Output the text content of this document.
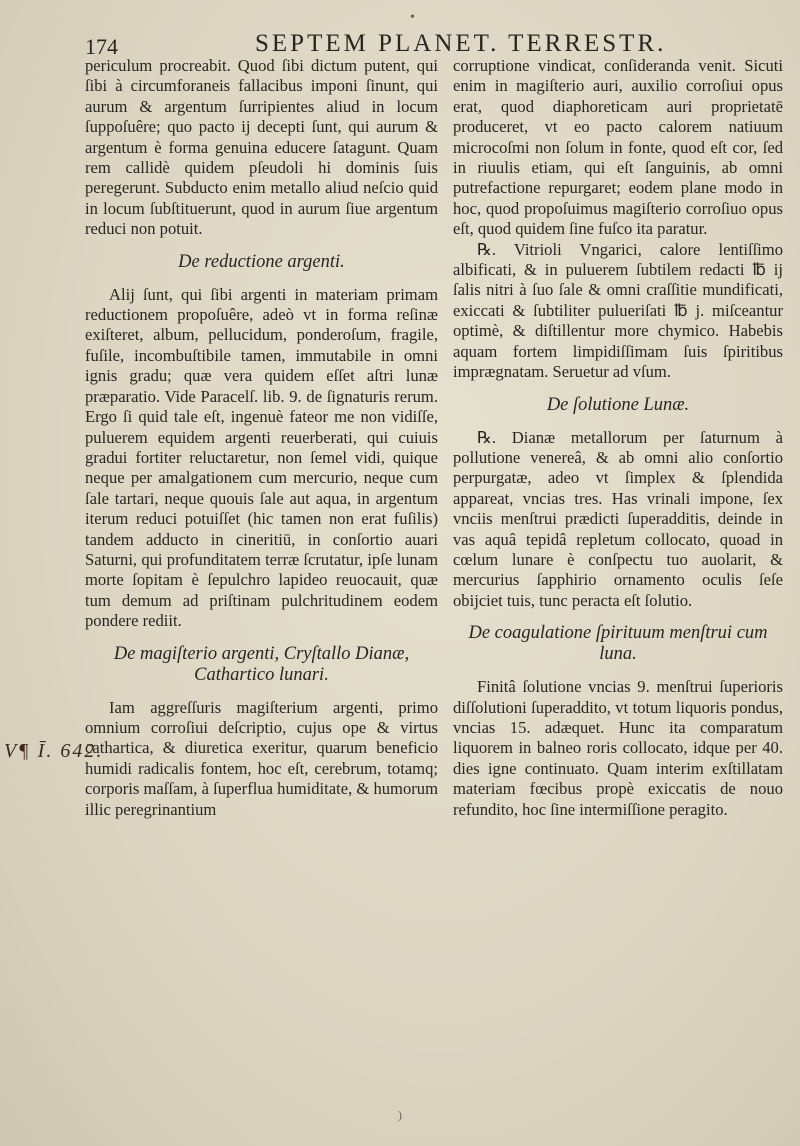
•
174	SEPTEM PLANET. TERRESTR.
V¶ Ī. 642.

periculum procreabit. Quod ſibi dictum putent, qui ſibi à circumforaneis fallacibus imponi ſinunt, qui aurum & argentum ſurripientes aliud in locum ſuppoſuêre; quo pacto ij decepti ſunt, qui aurum & argentum è forma genuina educere ſatagunt. Quam rem callidè quidem pſeudoli hi dominis ſuis peregerunt. Subducto enim metallo aliud neſcio quid in locum ſubſtituerunt, quod in aurum ſiue argentum reduci non potuit.

De reductione argenti.

Alij ſunt, qui ſibi argenti in materiam primam reductionem propoſuêre, adeò vt in forma reſinæ exiſteret, album, pellucidum, ponderoſum, fragile, fuſile, incombuſtibile tamen, immutabile in omni ignis gradu; quæ vera quidem eſſet aſtri lunæ præparatio. Vide Paracelſ. lib. 9. de ſignaturis rerum. Ergo ſi quid tale eſt, ingenuè fateor me non vidiſſe, puluerem equidem argenti reuerberati, qui cuiuis gradui fortiter reluctaretur, non ſemel vidi, quique neque per amalgationem cum mercurio, neque cum ſale tartari, neque quouis ſale aut aqua, in argentum iterum reduci potuiſſet (hic tamen non erat fuſilis) tandem adducto in cineritiū, in conſortio auari Saturni, qui profunditatem terræ ſcrutatur, ipſe lunam morte ſopitam è ſepulchro lapideo reuocauit, quæ tum demum ad priſtinam pulchritudinem eodem pondere rediit.

De magiſterio argenti, Cryſtallo Dianæ, Cathartico lunari.

Iam aggreſſuris magiſterium argenti, primo omnium corroſiui deſcriptio, cujus ope & virtus cathartica, & diuretica exeritur, quarum beneficio humidi radicalis fontem, hoc eſt, cerebrum, totamq; corporis maſſam, à ſuperflua humiditate, & humorum illic peregrinantium

corruptione vindicat, conſideranda venit. Sicuti enim in magiſterio auri, auxilio corroſiui opus erat, quod diaphoreticam auri proprietatē produceret, vt eo pacto calorem natiuum microcoſmi non ſolum in fonte, quod eſt cor, ſed in riuulis etiam, qui eſt ſanguinis, ab omni putrefactione repurgaret; eodem plane modo in hoc, quod propoſuimus magiſterio corroſiuo opus eſt, quod quidem ſine fuſco ita paratur.

℞. Vitrioli Vngarici, calore lentiſſimo albificati, & in puluerem ſubtilem redacti ℔ ij ſalis nitri à ſuo ſale & omni craſſitie mundificati, exiccati & ſubtiliter pulueriſati ℔ j. miſceantur optimè, & diſtillentur more chymico. Habebis aquam fortem limpidiſſimam ſuis ſpiritibus imprægnatam. Seruetur ad vſum.

De ſolutione Lunæ.

℞. Dianæ metallorum per ſaturnum à pollutione venereâ, & ab omni alio conſortio perpurgatæ, adeo vt ſimplex & ſplendida appareat, vncias tres. Has vrinali impone, ſex vnciis menſtrui prædicti ſuperadditis, deinde in vas aquâ tepidâ repletum collocato, quoad in cœlum lunare è conſpectu tuo auolarit, & mercurius ſapphirio ornamento oculis ſeſe obijciet tuis, tunc peracta eſt ſolutio.

De coagulatione ſpirituum menſtrui cum luna.

Finitâ ſolutione vncias 9. menſtrui ſuperioris diſſolutioni ſuperaddito, vt totum liquoris pondus, vncias 15. adæquet. Hunc ita comparatum liquorem in balneo roris collocato, idque per 40. dies igne continuato. Quam interim exſtillatam materiam fœcibus propè exiccatis de nouo refundito, hoc ſine intermiſſione peragito.

)
